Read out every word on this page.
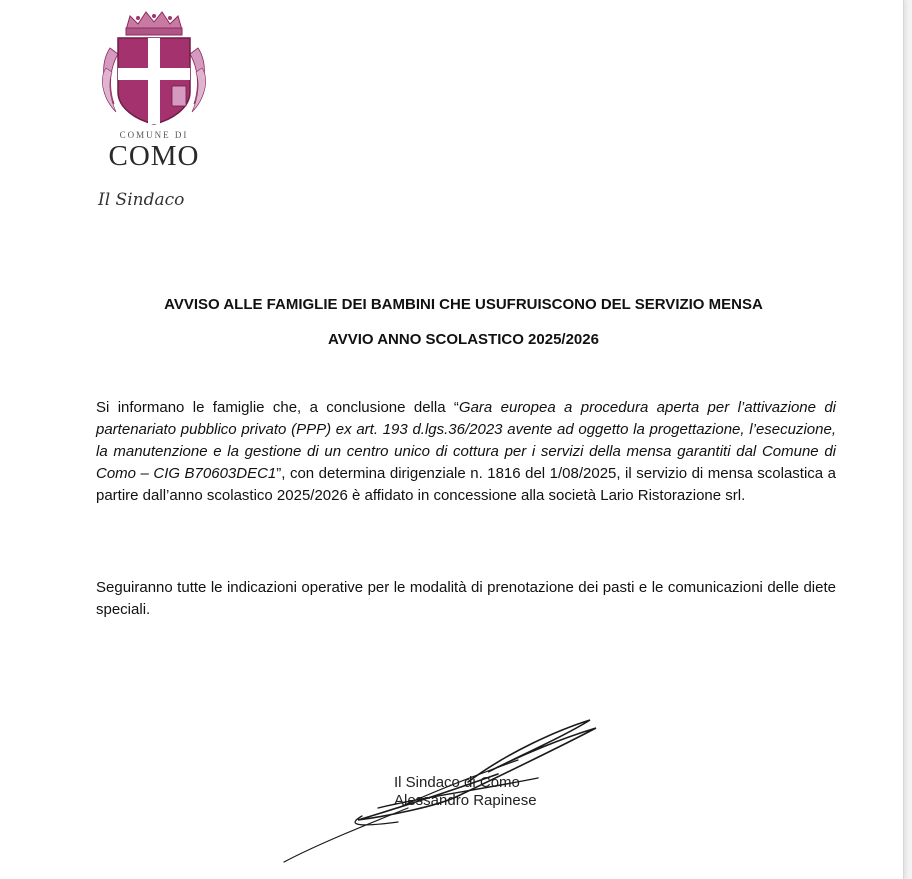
COMUNE DI
COMO
Il Sindaco
AVVISO ALLE FAMIGLIE DEI BAMBINI CHE USUFRUISCONO DEL SERVIZIO MENSA
AVVIO ANNO SCOLASTICO 2025/2026

Si informano le famiglie che, a conclusione della “Gara europea a procedura aperta per l’attivazione di partenariato pubblico privato (PPP) ex art. 193 d.lgs.36/2023 avente ad oggetto la progettazione, l’esecuzione, la manutenzione e la gestione di un centro unico di cottura per i servizi della mensa garantiti dal Comune di Como – CIG B70603DEC1”, con determina dirigenziale n. 1816 del 1/08/2025, il servizio di mensa scolastica a partire dall’anno scolastico 2025/2026 è affidato in concessione alla società Lario Ristorazione srl.

Seguiranno tutte le indicazioni operative per le modalità di prenotazione dei pasti e le comunicazioni delle diete speciali.

Il Sindaco di Como
Alessandro Rapinese
